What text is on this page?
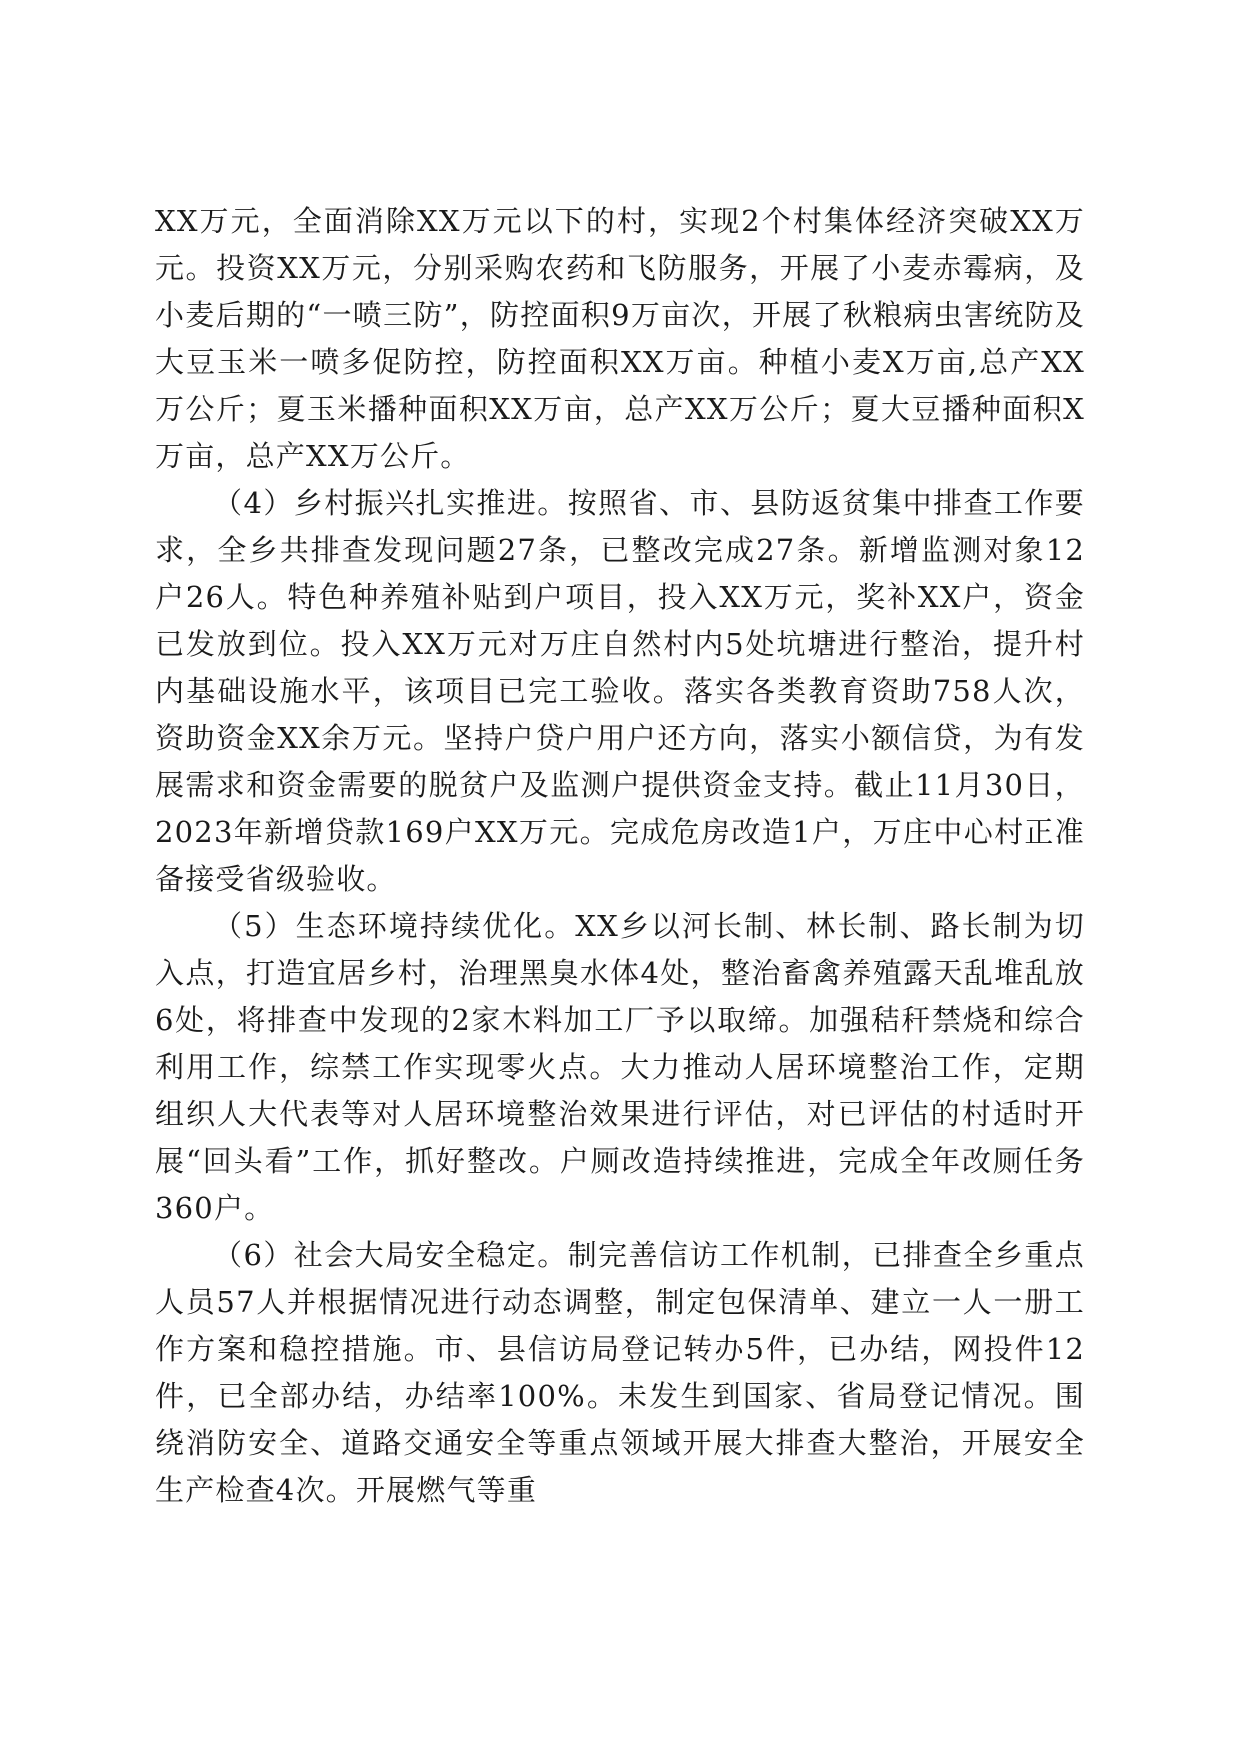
XX万元，全面消除XX万元以下的村，实现2个村集体经济突破XX万元。投资XX万元，分别采购农药和飞防服务，开展了小麦赤霉病，及小麦后期的“一喷三防”，防控面积9万亩次，开展了秋粮病虫害统防及大豆玉米一喷多促防控，防控面积XX万亩。种植小麦X万亩,总产XX万公斤；夏玉米播种面积XX万亩，总产XX万公斤；夏大豆播种面积X万亩，总产XX万公斤。

（4）乡村振兴扎实推进。按照省、市、县防返贫集中排查工作要求，全乡共排查发现问题27条，已整改完成27条。新增监测对象12户26人。特色种养殖补贴到户项目，投入XX万元，奖补XX户，资金已发放到位。投入XX万元对万庄自然村内5处坑塘进行整治，提升村内基础设施水平，该项目已完工验收。落实各类教育资助758人次，资助资金XX余万元。坚持户贷户用户还方向，落实小额信贷，为有发展需求和资金需要的脱贫户及监测户提供资金支持。截止11月30日，2023年新增贷款169户XX万元。完成危房改造1户，万庄中心村正准备接受省级验收。

（5）生态环境持续优化。XX乡以河长制、林长制、路长制为切入点，打造宜居乡村，治理黑臭水体4处，整治畜禽养殖露天乱堆乱放6处，将排查中发现的2家木料加工厂予以取缔。加强秸秆禁烧和综合利用工作，综禁工作实现零火点。大力推动人居环境整治工作，定期组织人大代表等对人居环境整治效果进行评估，对已评估的村适时开展“回头看”工作，抓好整改。户厕改造持续推进，完成全年改厕任务360户。

（6）社会大局安全稳定。制完善信访工作机制，已排查全乡重点人员57人并根据情况进行动态调整，制定包保清单、建立一人一册工作方案和稳控措施。市、县信访局登记转办5件，已办结，网投件12件，已全部办结，办结率100%。未发生到国家、省局登记情况。围绕消防安全、道路交通安全等重点领域开展大排查大整治，开展安全生产检查4次。开展燃气等重
